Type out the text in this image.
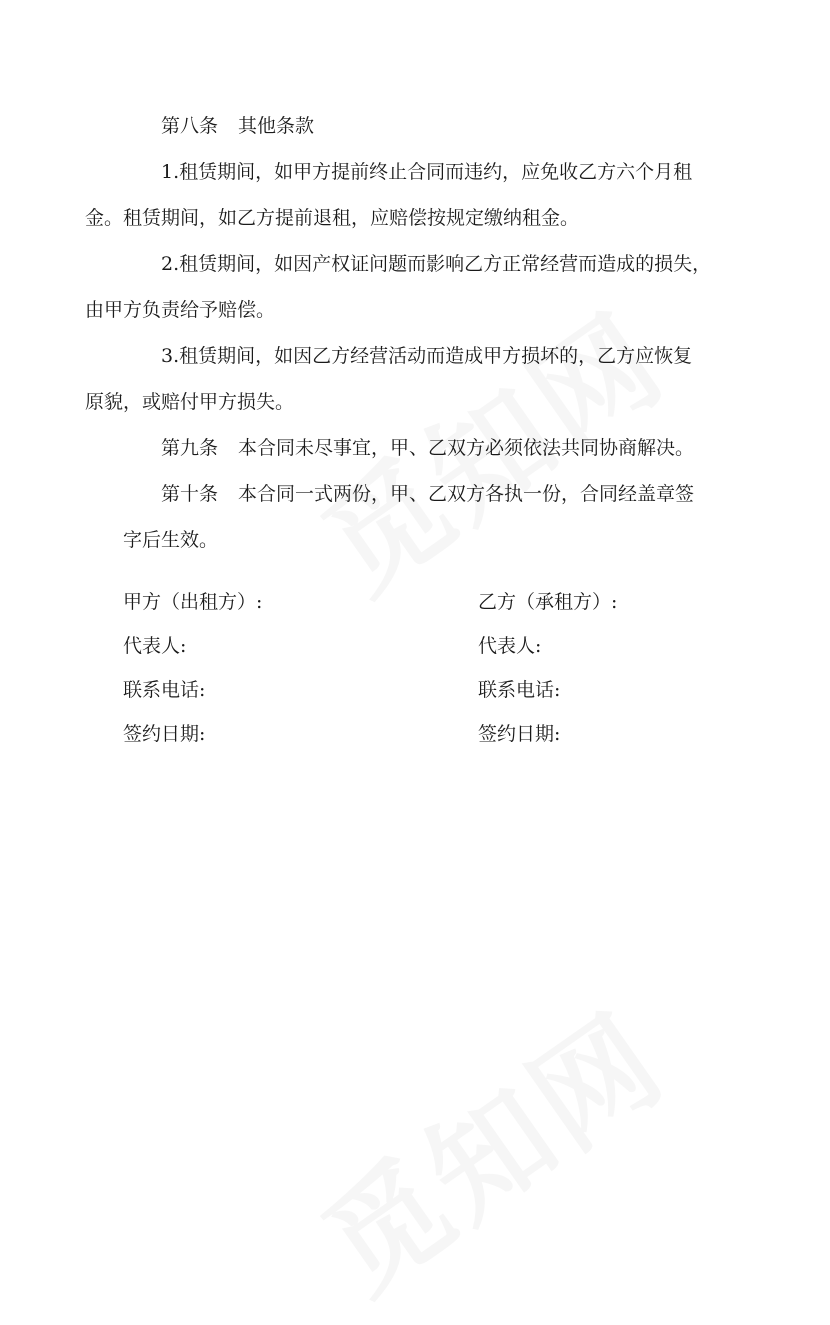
第八条 其他条款

1.租赁期间，如甲方提前终止合同而违约，应免收乙方六个月租
金。租赁期间，如乙方提前退租，应赔偿按规定缴纳租金。

2.租赁期间，如因产权证问题而影响乙方正常经营而造成的损失，
由甲方负责给予赔偿。

3.租赁期间，如因乙方经营活动而造成甲方损坏的，乙方应恢复
原貌，或赔付甲方损失。

第九条 本合同未尽事宜，甲、乙双方必须依法共同协商解决。

第十条 本合同一式两份，甲、乙双方各执一份，合同经盖章签
字后生效。

甲方（出租方）:	乙方（承租方）:
代表人:	代表人:
联系电话:	联系电话:
签约日期:	签约日期:
